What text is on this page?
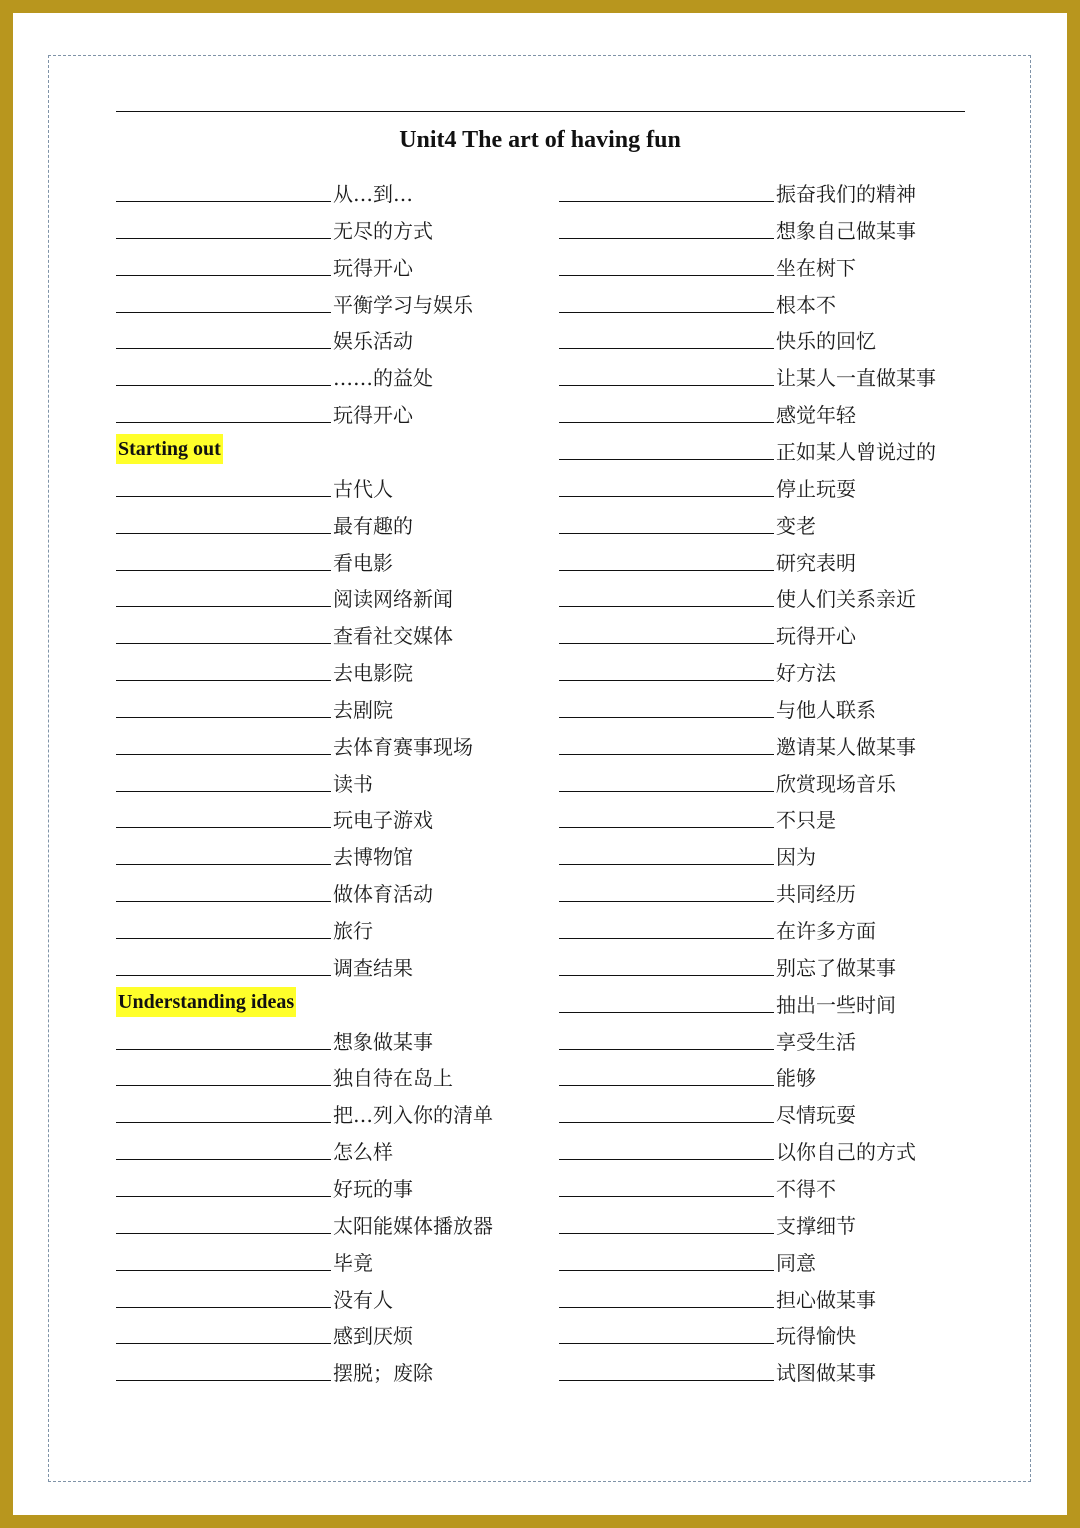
Unit4 The art of having fun
从…到…
无尽的方式
玩得开心
平衡学习与娱乐
娱乐活动
……的益处
玩得开心
Starting out
古代人
最有趣的
看电影
阅读网络新闻
查看社交媒体
去电影院
去剧院
去体育赛事现场
读书
玩电子游戏
去博物馆
做体育活动
旅行
调查结果
Understanding ideas
想象做某事
独自待在岛上
把…列入你的清单
怎么样
好玩的事
太阳能媒体播放器
毕竟
没有人
感到厌烦
摆脱；废除
振奋我们的精神
想象自己做某事
坐在树下
根本不
快乐的回忆
让某人一直做某事
感觉年轻
正如某人曾说过的
停止玩耍
变老
研究表明
使人们关系亲近
玩得开心
好方法
与他人联系
邀请某人做某事
欣赏现场音乐
不只是
因为
共同经历
在许多方面
别忘了做某事
抽出一些时间
享受生活
能够
尽情玩耍
以你自己的方式
不得不
支撑细节
同意
担心做某事
玩得愉快
试图做某事
